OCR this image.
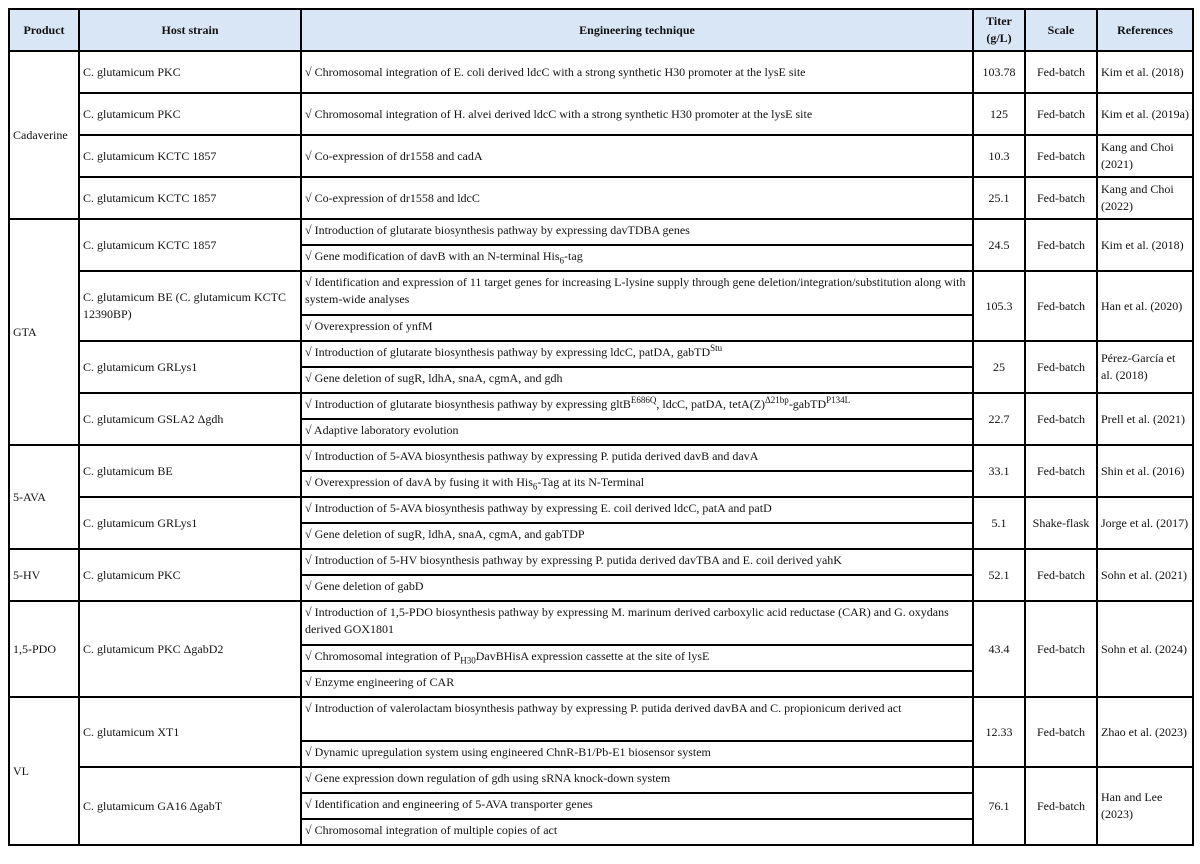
Product	Host strain	Engineering technique	Titer (g/L)	Scale	References
Cadaverine	C. glutamicum PKC	√ Chromosomal integration of E. coli derived ldcC with a strong synthetic H30 promoter at the lysE site	103.78	Fed-batch	Kim et al. (2018)
	C. glutamicum PKC	√ Chromosomal integration of H. alvei derived ldcC with a strong synthetic H30 promoter at the lysE site	125	Fed-batch	Kim et al. (2019a)
	C. glutamicum KCTC 1857	√ Co-expression of dr1558 and cadA	10.3	Fed-batch	Kang and Choi (2021)
	C. glutamicum KCTC 1857	√ Co-expression of dr1558 and ldcC	25.1	Fed-batch	Kang and Choi (2022)
GTA	C. glutamicum KCTC 1857	√ Introduction of glutarate biosynthesis pathway by expressing davTDBA genes
√ Gene modification of davB with an N-terminal His$_6$-tag	24.5	Fed-batch	Kim et al. (2018)
	C. glutamicum BE (C. glutamicum KCTC 12390BP)	√ Identification and expression of 11 target genes for increasing L-lysine supply through gene deletion/integration/substitution along with system-wide analyses
√ Overexpression of ynfM	105.3	Fed-batch	Han et al. (2020)
	C. glutamicum GRLys1	√ Introduction of glutarate biosynthesis pathway by expressing ldcC, patDA, gabTD$^{Stu}$
√ Gene deletion of sugR, ldhA, snaA, cgmA, and gdh	25	Fed-batch	Pérez-García et al. (2018)
	C. glutamicum GSLA2 Δgdh	√ Introduction of glutarate biosynthesis pathway by expressing gltB$^{E686Q}$, ldcC, patDA, $tetA(Z)^{\Delta 21bp}-gabTD^{P134L}$
√ Adaptive laboratory evolution	22.7	Fed-batch	Prell et al. (2021)
5-AVA	C. glutamicum BE	√ Introduction of 5-AVA biosynthesis pathway by expressing P. putida derived davB and davA
√ Overexpression of davA by fusing it with His$_6$-Tag at its N-Terminal	33.1	Fed-batch	Shin et al. (2016)
	C. glutamicum GRLys1	√ Introduction of 5-AVA biosynthesis pathway by expressing E. coil derived ldcC, patA and patD
√ Gene deletion of sugR, ldhA, snaA, cgmA, and gabTDP	5.1	Shake-flask	Jorge et al. (2017)
5-HV	C. glutamicum PKC	√ Introduction of 5-HV biosynthesis pathway by expressing P. putida derived davTBA and E. coil derived yahK
√ Gene deletion of gabD	52.1	Fed-batch	Sohn et al. (2021)
1,5-PDO	C. glutamicum PKC ΔgabD2	√ Introduction of 1,5-PDO biosynthesis pathway by expressing M. marinum derived carboxylic acid reductase (CAR) and G. oxydans derived GOX1801
√ Chromosomal integration of $P_{H30}DavBHisA$ expression cassette at the site of lysE
√ Enzyme engineering of CAR	43.4	Fed-batch	Sohn et al. (2024)
VL	C. glutamicum XT1	√ Introduction of valerolactam biosynthesis pathway by expressing P. putida derived davBA and C. propionicum derived act
√ Dynamic upregulation system using engineered ChnR-B1/Pb-E1 biosensor system	12.33	Fed-batch	Zhao et al. (2023)
	C. glutamicum GA16 ΔgabT	√ Gene expression down regulation of gdh using sRNA knock-down system
√ Identification and engineering of 5-AVA transporter genes
√ Chromosomal integration of multiple copies of act	76.1	Fed-batch	Han and Lee (2023)
